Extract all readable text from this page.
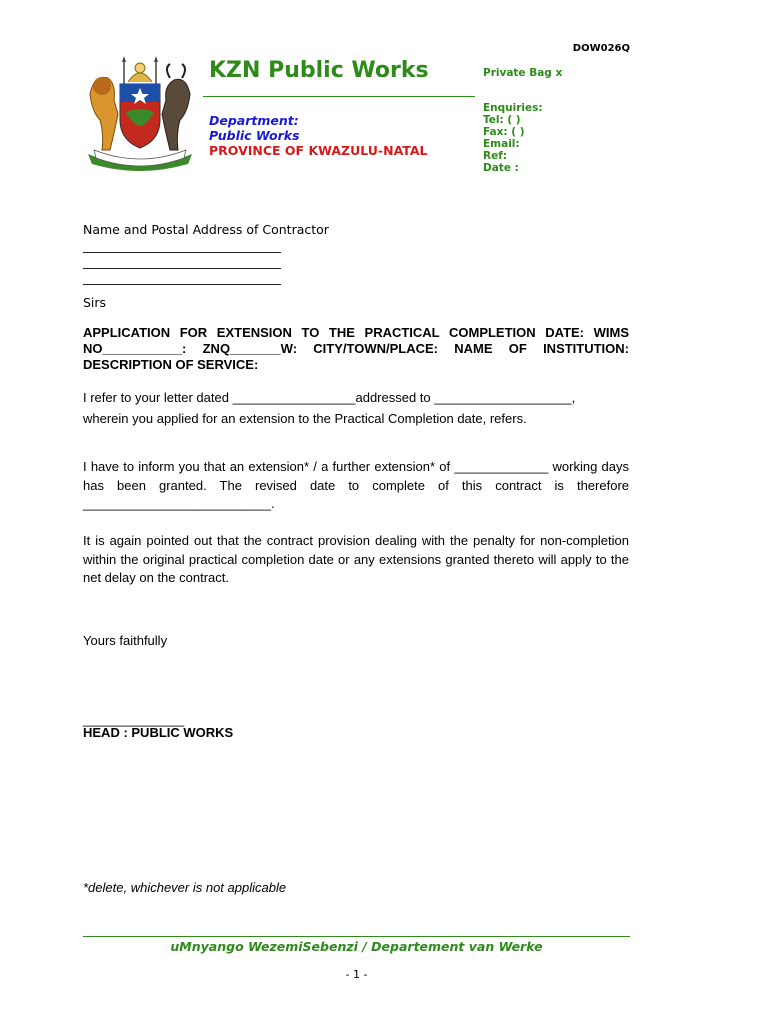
DOW026Q
KZN Public Works
Department:
Public Works
PROVINCE OF KWAZULU-NATAL
Private Bag x
Enquiries:
Tel: ( )
Fax: ( )
Email:
Ref:
Date :
Name and Postal Address of Contractor
_________________________________
_________________________________
_________________________________
Sirs
APPLICATION FOR EXTENSION TO THE PRACTICAL COMPLETION DATE: WIMS NO___________: ZNQ_______W: CITY/TOWN/PLACE: NAME OF INSTITUTION: DESCRIPTION OF SERVICE:
I refer to your letter dated _________________addressed to ___________________,
wherein you applied for an extension to the Practical Completion date, refers.
I have to inform you that an extension* / a further extension* of _____________ working days has been granted. The revised date to complete of this contract is therefore __________________________.
It is again pointed out that the contract provision dealing with the penalty for non-completion within the original practical completion date or any extensions granted thereto will apply to the net delay on the contract.
Yours faithfully
______________
HEAD : PUBLIC WORKS
*delete, whichever is not applicable
uMnyango WezemiSebenzi / Departement van Werke
- 1 -
